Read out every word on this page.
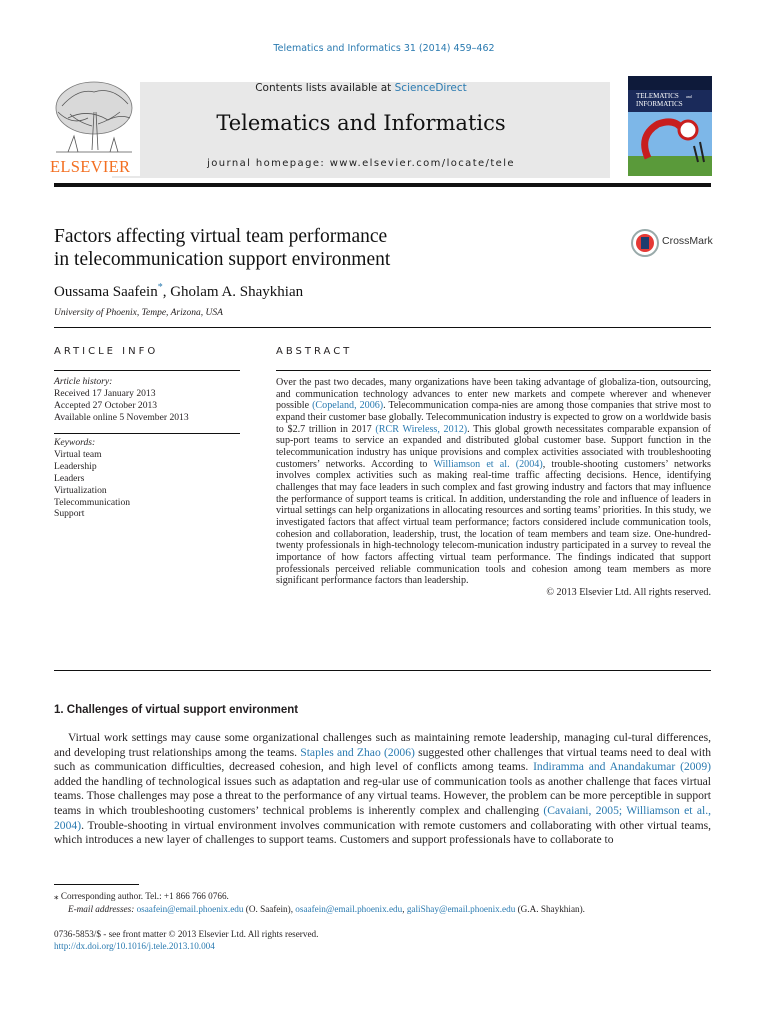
Telematics and Informatics 31 (2014) 459–462
Contents lists available at ScienceDirect
Telematics and Informatics
journal homepage: www.elsevier.com/locate/tele
ELSEVIER
TELEMATICS and
INFORMATICS
Factors affecting virtual team performance
in telecommunication support environment
CrossMark
Oussama Saafein*, Gholam A. Shaykhian
University of Phoenix, Tempe, Arizona, USA
ARTICLE INFO
Article history:
Received 17 January 2013
Accepted 27 October 2013
Available online 5 November 2013
Keywords:
Virtual team
Leadership
Leaders
Virtualization
Telecommunication
Support
ABSTRACT

Over the past two decades, many organizations have been taking advantage of globaliza-tion, outsourcing, and communication technology advances to enter new markets and compete wherever and whenever possible (Copeland, 2006). Telecommunication compa-nies are among those companies that strive most to expand their customer base globally. Telecommunication industry is expected to grow on a worldwide basis to $2.7 trillion in 2017 (RCR Wireless, 2012). This global growth necessitates comparable expansion of sup-port teams to service an expanded and distributed global customer base. Support function in the telecommunication industry has unique provisions and complex activities associated with troubleshooting customers’ networks. According to Williamson et al. (2004), trouble-shooting customers’ networks involves complex activities such as making real-time traffic affecting decisions. Hence, identifying challenges that may face leaders in such complex and fast growing industry and factors that may influence the performance of support teams is critical. In addition, understanding the role and influence of leaders in virtual settings can help organizations in allocating resources and sorting teams’ priorities. In this study, we investigated factors that affect virtual team performance; factors considered include communication tools, cohesion and collaboration, leadership, trust, the location of team members and team size. One-hundred-twenty professionals in high-technology telecom-munication industry participated in a survey to reveal the importance of how factors affecting virtual team performance. The findings indicated that support professionals perceived reliable communication tools and cohesion among team members as more significant performance factors than leadership.

© 2013 Elsevier Ltd. All rights reserved.

1. Challenges of virtual support environment

Virtual work settings may cause some organizational challenges such as maintaining remote leadership, managing cul-tural differences, and developing trust relationships among the teams. Staples and Zhao (2006) suggested other challenges that virtual teams need to deal with such as communication difficulties, decreased cohesion, and high level of conflicts among teams. Indiramma and Anandakumar (2009) added the handling of technological issues such as adaptation and reg-ular use of communication tools as another challenge that faces virtual teams. Those challenges may pose a threat to the performance of any virtual teams. However, the problem can be more perceptible in support teams in which troubleshooting customers’ technical problems is inherently complex and challenging (Cavaiani, 2005; Williamson et al., 2004). Trouble-shooting in virtual environment involves communication with remote customers and collaborating with other virtual teams, which introduces a new layer of challenges to support teams. Customers and support professionals have to collaborate to

⁎ Corresponding author. Tel.: +1 866 766 0766.
E-mail addresses: osaafein@email.phoenix.edu (O. Saafein), osaafein@email.phoenix.edu, galiShay@email.phoenix.edu (G.A. Shaykhian).
0736-5853/$ - see front matter © 2013 Elsevier Ltd. All rights reserved.
http://dx.doi.org/10.1016/j.tele.2013.10.004
